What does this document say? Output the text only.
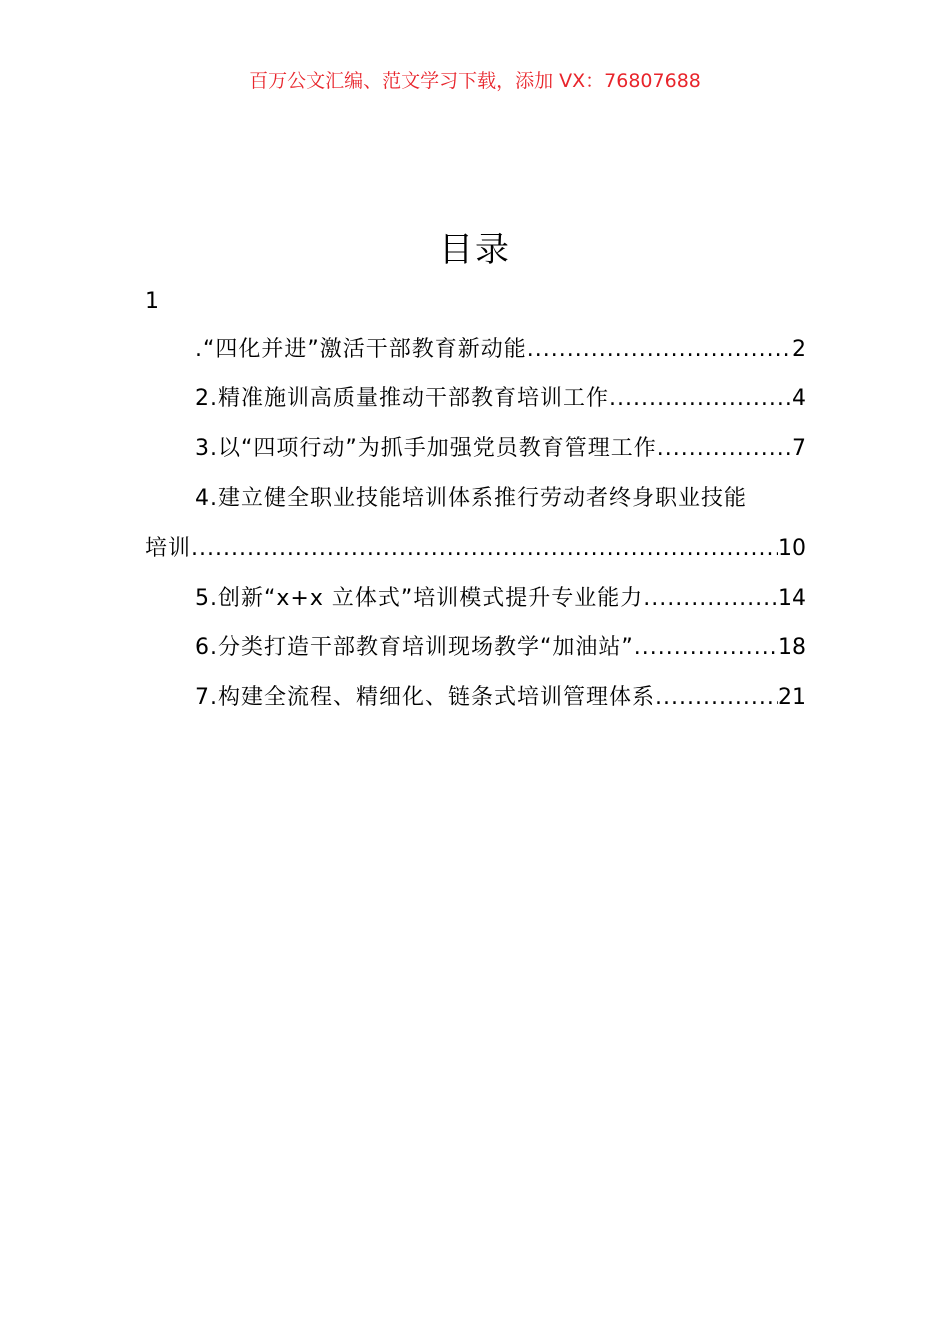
百万公文汇编、范文学习下载，添加 VX：76807688
目录
1
.“四化并进”激活干部教育新动能 .....	2
2.精准施训高质量推动干部教育培训工作 .....	4
3.以“四项行动”为抓手加强党员教育管理工作 .....	7
4.建立健全职业技能培训体系推行劳动者终身职业技能
培训 .....	10
5.创新“x+x 立体式”培训模式提升专业能力 .....	14
6.分类打造干部教育培训现场教学“加油站” .....	18
7.构建全流程、精细化、链条式培训管理体系 .....	21
